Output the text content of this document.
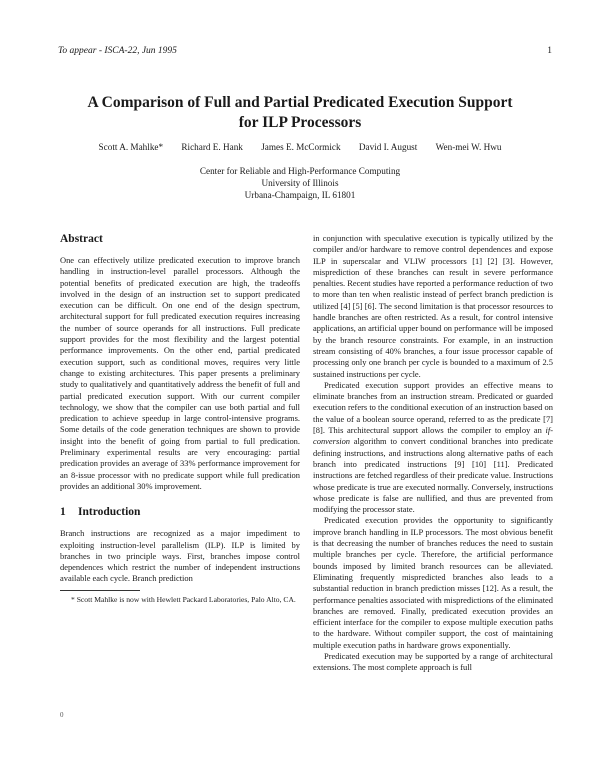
To appear - ISCA-22, Jun 1995	1
A Comparison of Full and Partial Predicated Execution Support
for ILP Processors
Scott A. Mahlke* Richard E. Hank James E. McCormick David I. August Wen-mei W. Hwu
Center for Reliable and High-Performance Computing
University of Illinois
Urbana-Champaign, IL 61801
Abstract

One can effectively utilize predicated execution to improve branch handling in instruction-level parallel processors. Although the potential benefits of predicated execution are high, the tradeoffs involved in the design of an instruction set to support predicated execution can be difficult. On one end of the design spectrum, architectural support for full predicated execution requires increasing the number of source operands for all instructions. Full predicate support provides for the most flexibility and the largest potential performance improvements. On the other end, partial predicated execution support, such as conditional moves, requires very little change to existing architectures. This paper presents a preliminary study to qualitatively and quantitatively address the benefit of full and partial predicated execution support. With our current compiler technology, we show that the compiler can use both partial and full predication to achieve speedup in large control-intensive programs. Some details of the code generation techniques are shown to provide insight into the benefit of going from partial to full predication. Preliminary experimental results are very encouraging: partial predication provides an average of 33% performance improvement for an 8-issue processor with no predicate support while full predication provides an additional 30% improvement.

1 Introduction

Branch instructions are recognized as a major impediment to exploiting instruction-level parallelism (ILP). ILP is limited by branches in two principle ways. First, branches impose control dependences which restrict the number of independent instructions available each cycle. Branch prediction

* Scott Mahlke is now with Hewlett Packard Laboratories, Palo Alto, CA.

in conjunction with speculative execution is typically utilized by the compiler and/or hardware to remove control dependences and expose ILP in superscalar and VLIW processors [1] [2] [3]. However, misprediction of these branches can result in severe performance penalties. Recent studies have reported a performance reduction of two to more than ten when realistic instead of perfect branch prediction is utilized [4] [5] [6]. The second limitation is that processor resources to handle branches are often restricted. As a result, for control intensive applications, an artificial upper bound on performance will be imposed by the branch resource constraints. For example, in an instruction stream consisting of 40% branches, a four issue processor capable of processing only one branch per cycle is bounded to a maximum of 2.5 sustained instructions per cycle.

Predicated execution support provides an effective means to eliminate branches from an instruction stream. Predicated or guarded execution refers to the conditional execution of an instruction based on the value of a boolean source operand, referred to as the predicate [7] [8]. This architectural support allows the compiler to employ an if-conversion algorithm to convert conditional branches into predicate defining instructions, and instructions along alternative paths of each branch into predicated instructions [9] [10] [11]. Predicated instructions are fetched regardless of their predicate value. Instructions whose predicate is true are executed normally. Conversely, instructions whose predicate is false are nullified, and thus are prevented from modifying the processor state.

Predicated execution provides the opportunity to significantly improve branch handling in ILP processors. The most obvious benefit is that decreasing the number of branches reduces the need to sustain multiple branches per cycle. Therefore, the artificial performance bounds imposed by limited branch resources can be alleviated. Eliminating frequently mispredicted branches also leads to a substantial reduction in branch prediction misses [12]. As a result, the performance penalties associated with mispredictions of the eliminated branches are removed. Finally, predicated execution provides an efficient interface for the compiler to expose multiple execution paths to the hardware. Without compiler support, the cost of maintaining multiple execution paths in hardware grows exponentially.

Predicated execution may be supported by a range of architectural extensions. The most complete approach is full

0
